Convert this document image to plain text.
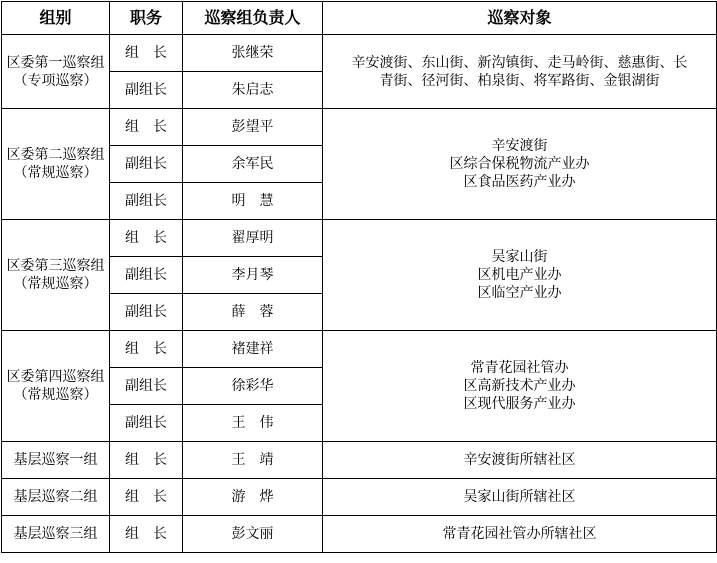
组别	职务	巡察组负责人	巡察对象

区委第一巡察组
（专项巡察）	组　长	张继荣	辛安渡街、东山街、新沟镇街、走马岭街、慈惠街、长
青街、径河街、柏泉街、将军路街、金银湖街

	副组长	朱启志	

区委第二巡察组
（常规巡察）	组　长	彭望平	辛安渡街
区综合保税物流产业办
区食品医药产业办

	副组长	余军民	
	副组长	明　慧	

区委第三巡察组
（常规巡察）	组　长	翟厚明	吴家山街
区机电产业办
区临空产业办

	副组长	李月琴	
	副组长	薛　蓉	

区委第四巡察组
（常规巡察）	组　长	褚建祥	常青花园社管办
区高新技术产业办
区现代服务产业办

	副组长	徐彩华	
	副组长	王　伟	

基层巡察一组	组　长	王　靖	辛安渡街所辖社区

基层巡察二组	组　长	游　烨	吴家山街所辖社区

基层巡察三组	组　长	彭文丽	常青花园社管办所辖社区
